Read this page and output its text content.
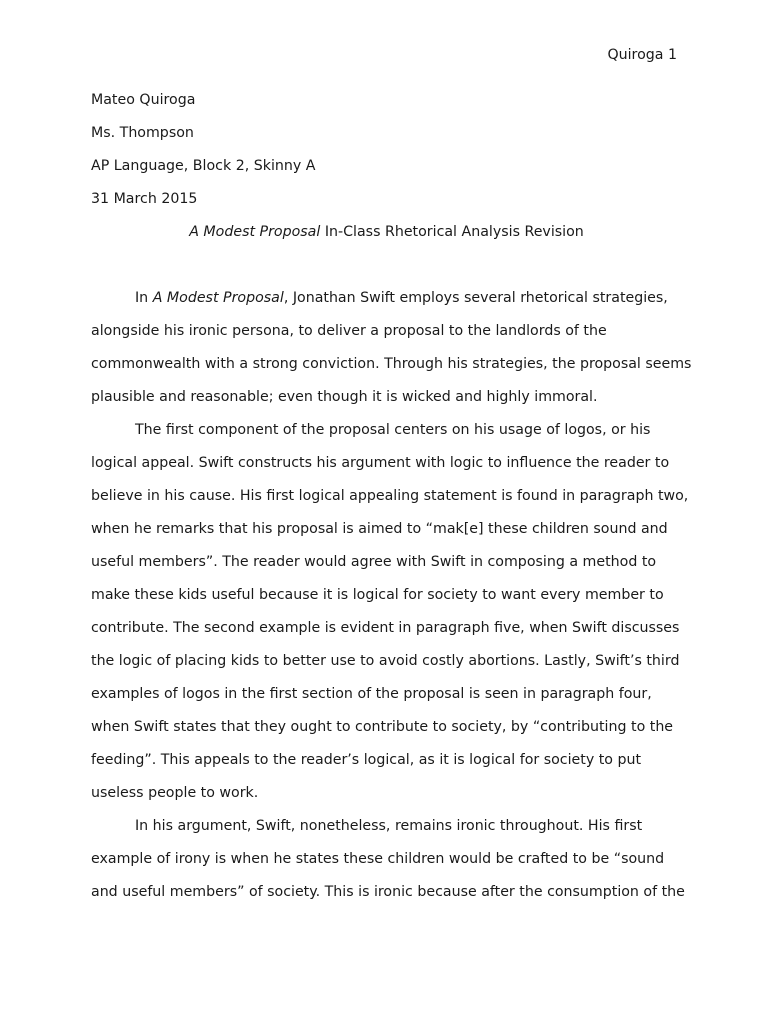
Quiroga 1
Mateo Quiroga
Ms. Thompson
AP Language, Block 2, Skinny A
31 March 2015
A Modest Proposal In-Class Rhetorical Analysis Revision
In A Modest Proposal, Jonathan Swift employs several rhetorical strategies,
alongside his ironic persona, to deliver a proposal to the landlords of the
commonwealth with a strong conviction. Through his strategies, the proposal seems
plausible and reasonable; even though it is wicked and highly immoral.
The first component of the proposal centers on his usage of logos, or his
logical appeal. Swift constructs his argument with logic to influence the reader to
believe in his cause. His first logical appealing statement is found in paragraph two,
when he remarks that his proposal is aimed to “mak[e] these children sound and
useful members”. The reader would agree with Swift in composing a method to
make these kids useful because it is logical for society to want every member to
contribute. The second example is evident in paragraph five, when Swift discusses
the logic of placing kids to better use to avoid costly abortions. Lastly, Swift’s third
examples of logos in the first section of the proposal is seen in paragraph four,
when Swift states that they ought to contribute to society, by “contributing to the
feeding”. This appeals to the reader’s logical, as it is logical for society to put
useless people to work.
In his argument, Swift, nonetheless, remains ironic throughout. His first
example of irony is when he states these children would be crafted to be “sound
and useful members” of society. This is ironic because after the consumption of the
